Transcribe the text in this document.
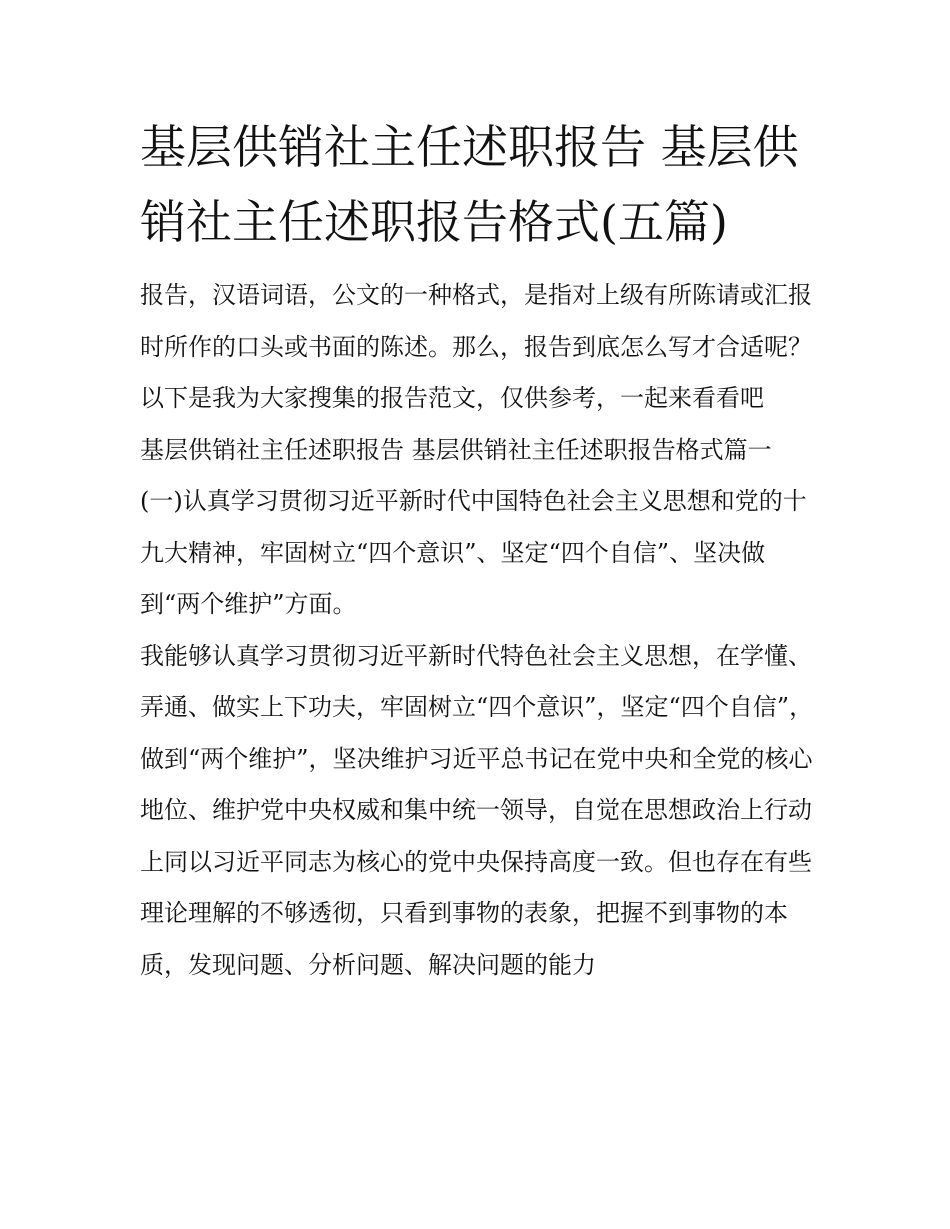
基层供销社主任述职报告 基层供销社主任述职报告格式(五篇)

报告，汉语词语，公文的一种格式，是指对上级有所陈请或汇报时所作的口头或书面的陈述。那么，报告到底怎么写才合适呢？以下是我为大家搜集的报告范文，仅供参考，一起来看看吧

基层供销社主任述职报告 基层供销社主任述职报告格式篇一

(一)认真学习贯彻习近平新时代中国特色社会主义思想和党的十九大精神，牢固树立“四个意识”、坚定“四个自信”、坚决做到“两个维护”方面。

我能够认真学习贯彻习近平新时代特色社会主义思想，在学懂、弄通、做实上下功夫，牢固树立“四个意识”，坚定“四个自信”，做到“两个维护”，坚决维护习近平总书记在党中央和全党的核心地位、维护党中央权威和集中统一领导，自觉在思想政治上行动上同以习近平同志为核心的党中央保持高度一致。但也存在有些理论理解的不够透彻，只看到事物的表象，把握不到事物的本质，发现问题、分析问题、解决问题的能力
